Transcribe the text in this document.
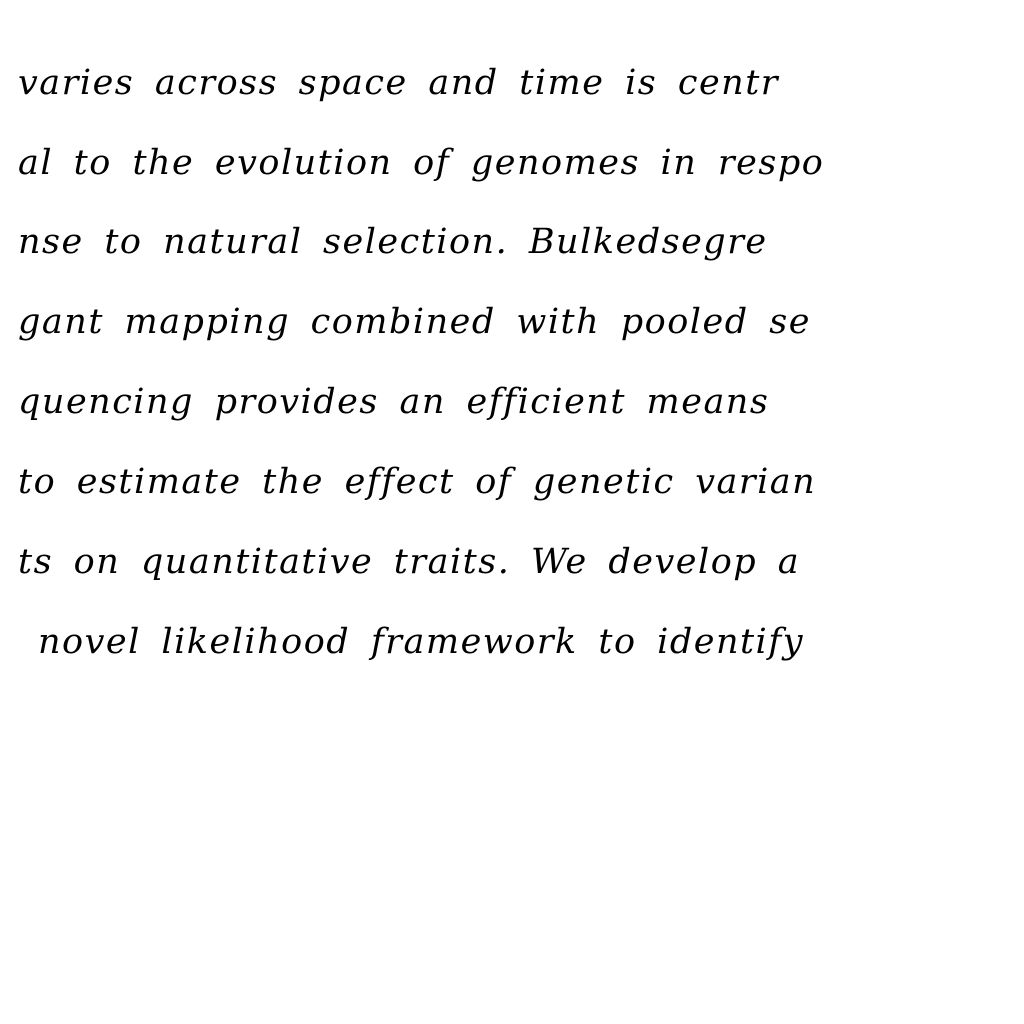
varies across space and time is centr
al to the evolution of genomes in respo
nse to natural selection. Bulkedsegre
gant mapping combined with pooled se
quencing provides an efficient means
to estimate the effect of genetic varian
ts on quantitative traits. We develop a
novel likelihood framework to identify
